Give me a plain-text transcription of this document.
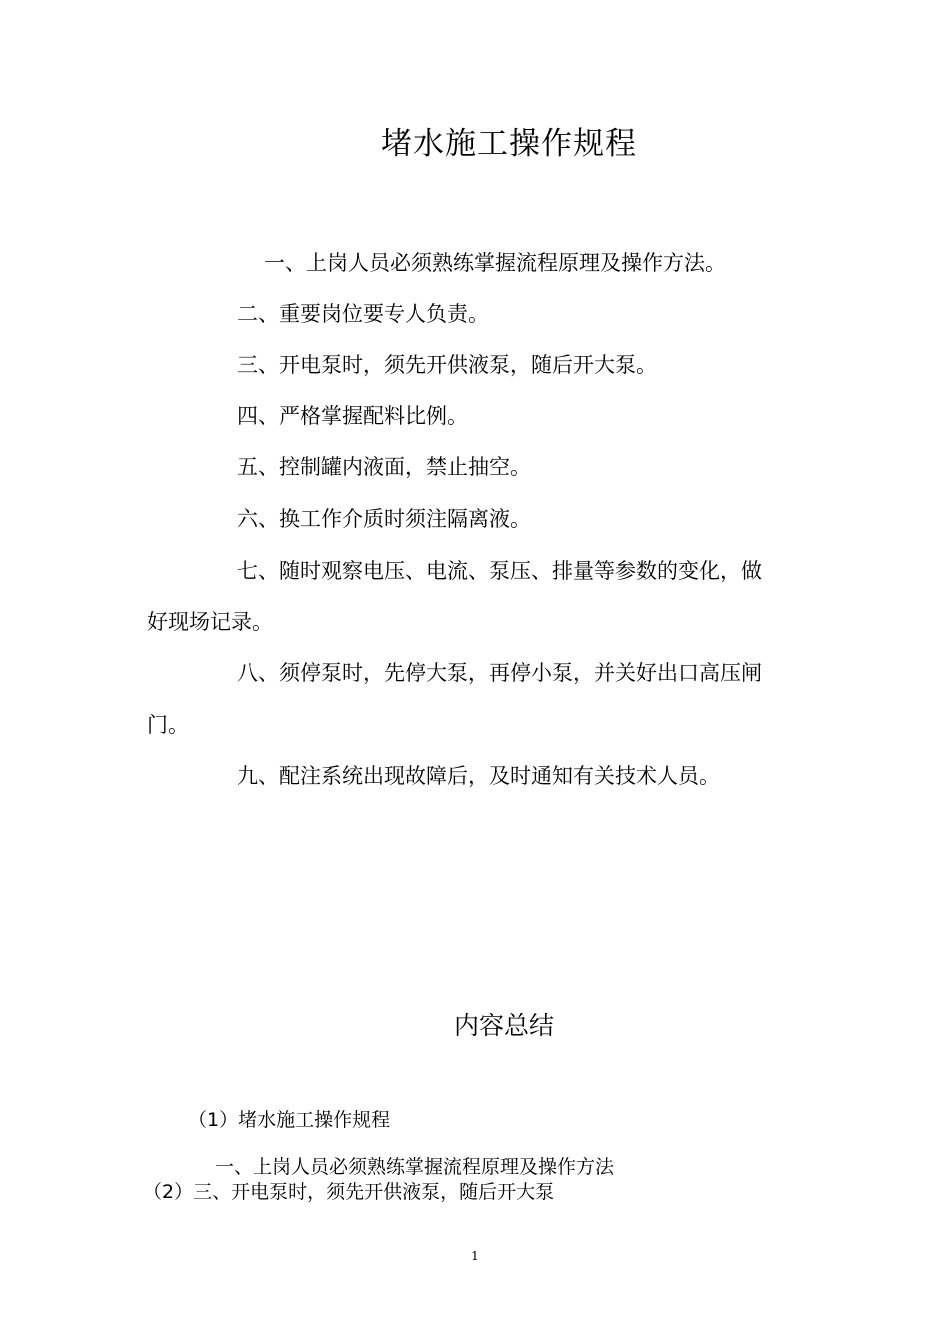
堵水施工操作规程
一、上岗人员必须熟练掌握流程原理及操作方法。
二、重要岗位要专人负责。
三、开电泵时，须先开供液泵，随后开大泵。
四、严格掌握配料比例。
五、控制罐内液面，禁止抽空。
六、换工作介质时须注隔离液。
七、随时观察电压、电流、泵压、排量等参数的变化，做
好现场记录。
八、须停泵时，先停大泵，再停小泵，并关好出口高压闸
门。
九、配注系统出现故障后，及时通知有关技术人员。
内容总结
（1）堵水施工操作规程
一、上岗人员必须熟练掌握流程原理及操作方法
（2）三、开电泵时，须先开供液泵，随后开大泵
1
